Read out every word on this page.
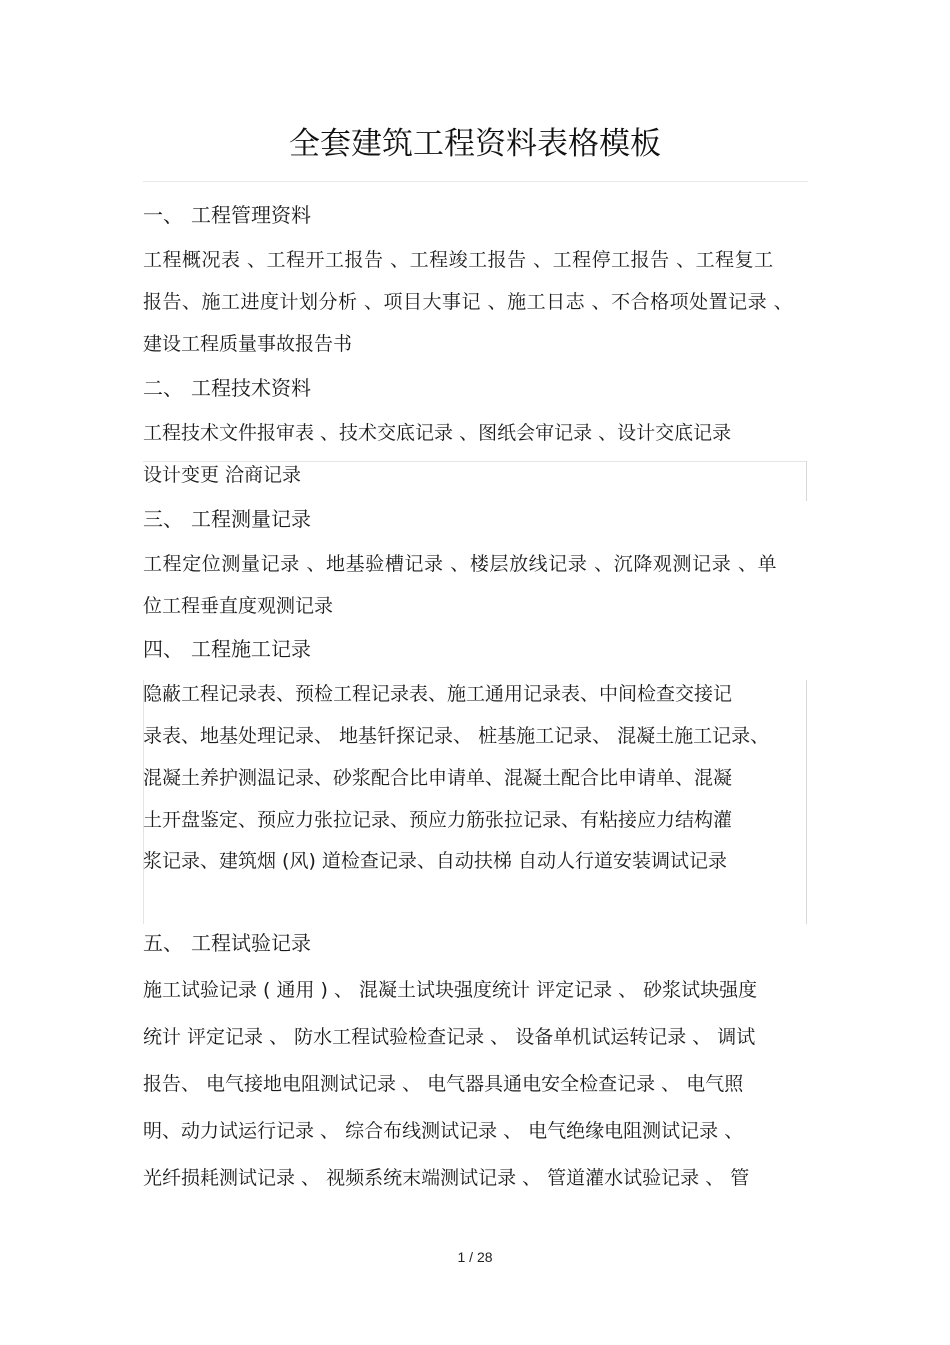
全套建筑工程资料表格模板
一、 工程管理资料
工程概况表 、工程开工报告 、工程竣工报告 、工程停工报告 、工程复工
报告、施工进度计划分析 、项目大事记 、施工日志 、不合格项处置记录 、
建设工程质量事故报告书
二、 工程技术资料
工程技术文件报审表 、技术交底记录 、图纸会审记录 、设计交底记录
设计变更 洽商记录
三、 工程测量记录
工程定位测量记录 、地基验槽记录 、楼层放线记录 、沉降观测记录 、单
位工程垂直度观测记录
四、 工程施工记录
隐蔽工程记录表、预检工程记录表、施工通用记录表、中间检查交接记
录表、地基处理记录、 地基钎探记录、 桩基施工记录、 混凝土施工记录、
混凝土养护测温记录、砂浆配合比申请单、混凝土配合比申请单、混凝
土开盘鉴定、预应力张拉记录、预应力筋张拉记录、有粘接应力结构灌
浆记录、建筑烟 (风) 道检查记录、自动扶梯 自动人行道安装调试记录
五、 工程试验记录
施工试验记录 ( 通用 ) 、 混凝土试块强度统计 评定记录 、 砂浆试块强度
统计 评定记录 、 防水工程试验检查记录 、 设备单机试运转记录 、 调试
报告、 电气接地电阻测试记录 、 电气器具通电安全检查记录 、 电气照
明、动力试运行记录 、 综合布线测试记录 、 电气绝缘电阻测试记录 、
光纤损耗测试记录 、 视频系统末端测试记录 、 管道灌水试验记录 、 管
1 / 28
